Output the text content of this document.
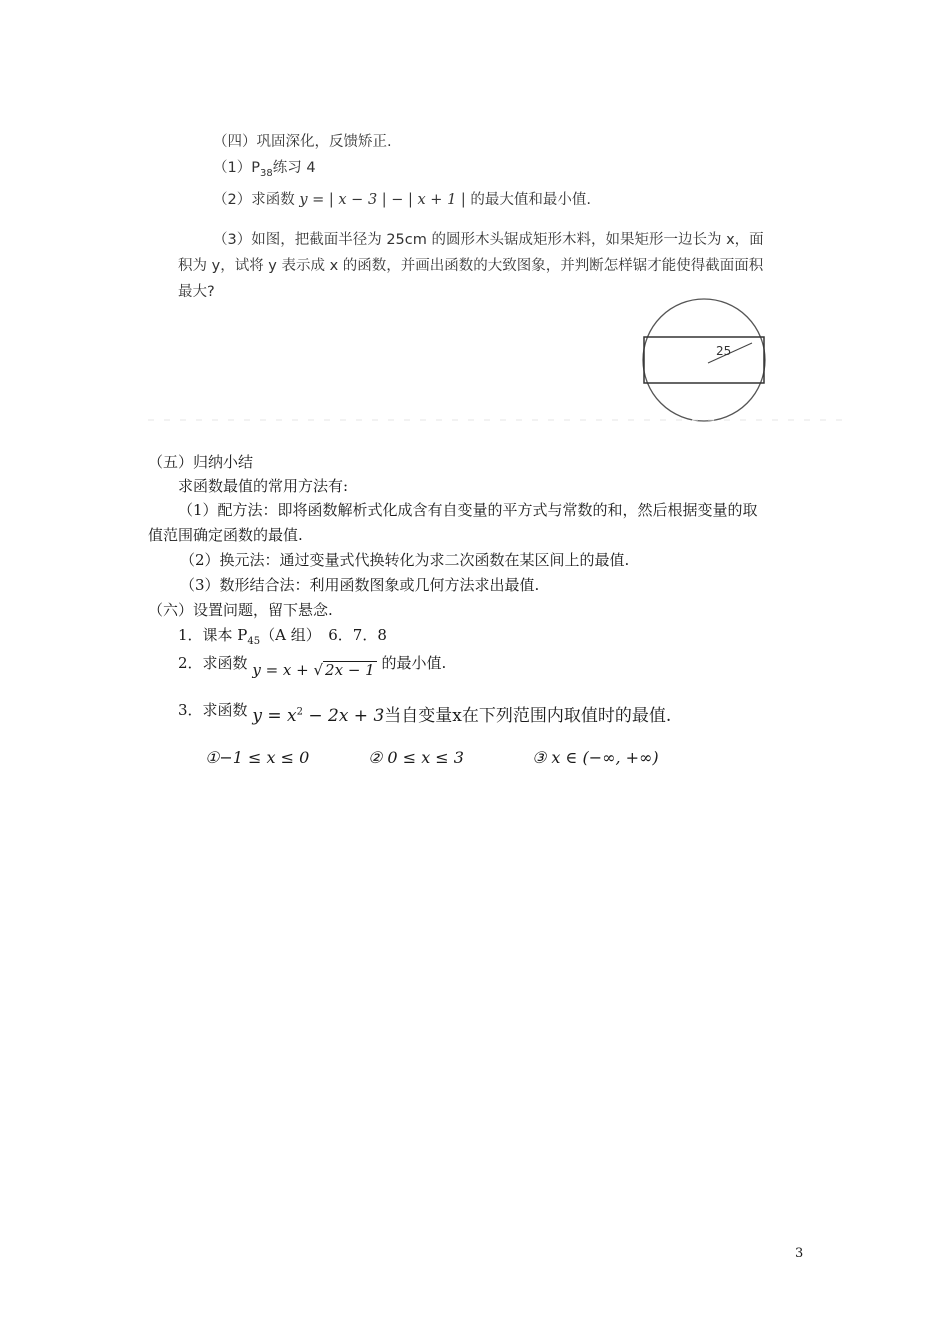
（四）巩固深化，反馈矫正.
$(1)P_{38}$练习 4
（2）求函数 y = | x − 3 | − | x + 1 | 的最大值和最小值.
（3）如图，把截面半径为 25cm 的圆形木头锯成矩形木料，如果矩形一边长为 x，面
积为 y，试将 y 表示成 x 的函数，并画出函数的大致图象，并判断怎样锯才能使得截面面积
最大?
25
（五）归纳小结
求函数最值的常用方法有:
（1）配方法：即将函数解析式化成含有自变量的平方式与常数的和，然后根据变量的取
值范围确定函数的最值.
（2）换元法：通过变量式代换转化为求二次函数在某区间上的最值.
（3）数形结合法：利用函数图象或几何方法求出最值.
（六）设置问题，留下悬念.
1．课本 $P_{45}(A$ 组）　6．7．8
2．求函数 y = x + √ 2x − 1 的最小值.
3．求函数 $y = x^2 - 2x + 3$当自变量x在下列范围内取值时的最值.
①−1 ≤ x ≤ 0	② 0 ≤ x ≤ 3	③ x ∈ (−∞, +∞)
3
